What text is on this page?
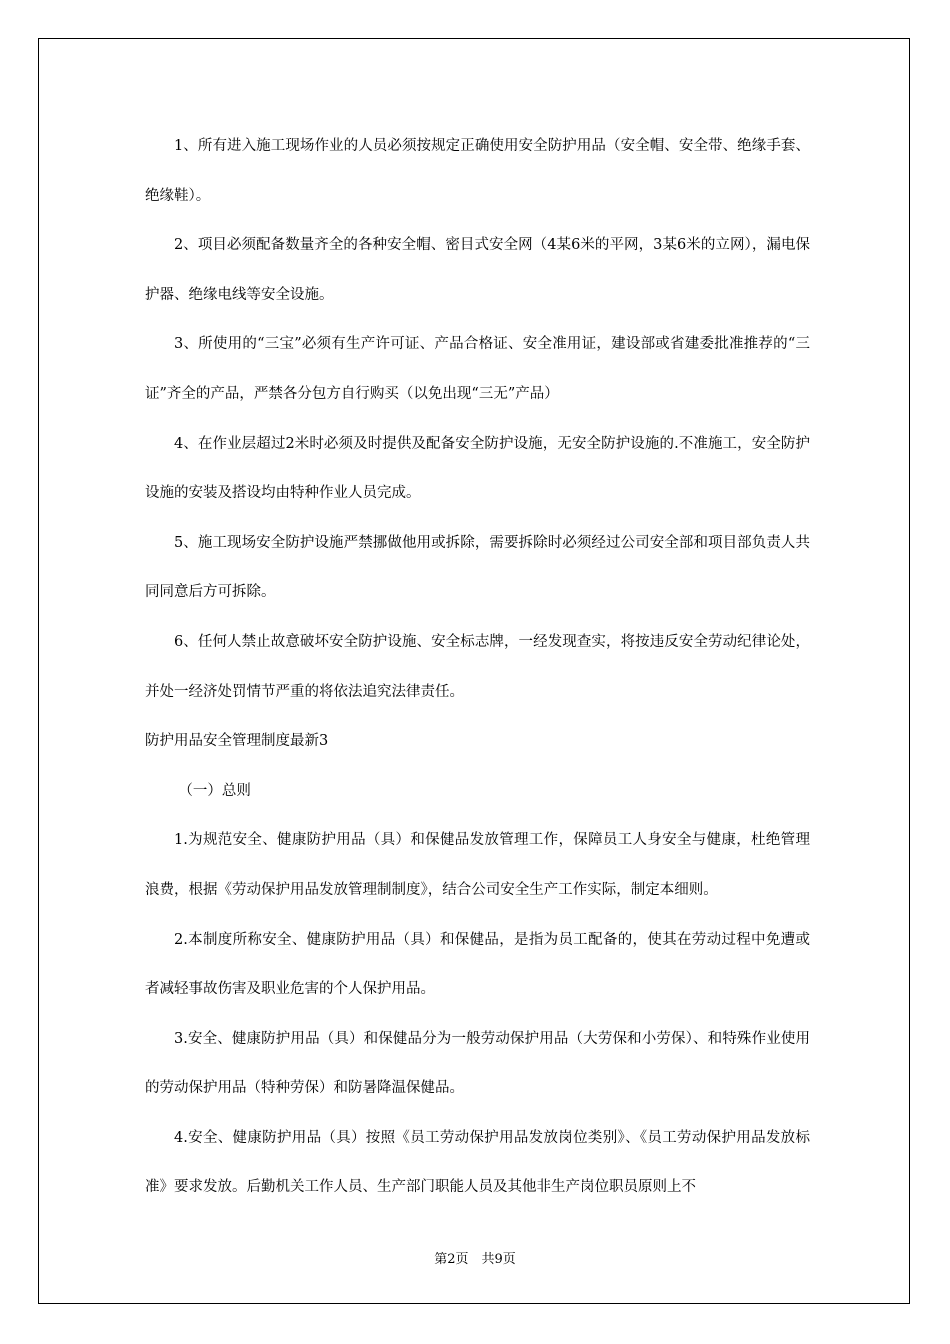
1、所有进入施工现场作业的人员必须按规定正确使用安全防护用品（安全帽、安全带、绝缘手套、绝缘鞋）。

2、项目必须配备数量齐全的各种安全帽、密目式安全网（4某6米的平网，3某6米的立网），漏电保护器、绝缘电线等安全设施。

3、所使用的“三宝”必须有生产许可证、产品合格证、安全准用证，建设部或省建委批准推荐的“三证”齐全的产品，严禁各分包方自行购买（以免出现“三无”产品）

4、在作业层超过2米时必须及时提供及配备安全防护设施，无安全防护设施的.不准施工，安全防护设施的安装及搭设均由特种作业人员完成。

5、施工现场安全防护设施严禁挪做他用或拆除，需要拆除时必须经过公司安全部和项目部负责人共同同意后方可拆除。

6、任何人禁止故意破坏安全防护设施、安全标志牌，一经发现查实，将按违反安全劳动纪律论处，并处一经济处罚情节严重的将依法追究法律责任。

防护用品安全管理制度最新3

（一）总则

1.为规范安全、健康防护用品（具）和保健品发放管理工作，保障员工人身安全与健康，杜绝管理浪费，根据《劳动保护用品发放管理制制度》，结合公司安全生产工作实际，制定本细则。

2.本制度所称安全、健康防护用品（具）和保健品，是指为员工配备的，使其在劳动过程中免遭或者减轻事故伤害及职业危害的个人保护用品。

3.安全、健康防护用品（具）和保健品分为一般劳动保护用品（大劳保和小劳保）、和特殊作业使用的劳动保护用品（特种劳保）和防暑降温保健品。

4.安全、健康防护用品（具）按照《员工劳动保护用品发放岗位类别》、《员工劳动保护用品发放标准》要求发放。后勤机关工作人员、生产部门职能人员及其他非生产岗位职员原则上不

第2页　共9页
